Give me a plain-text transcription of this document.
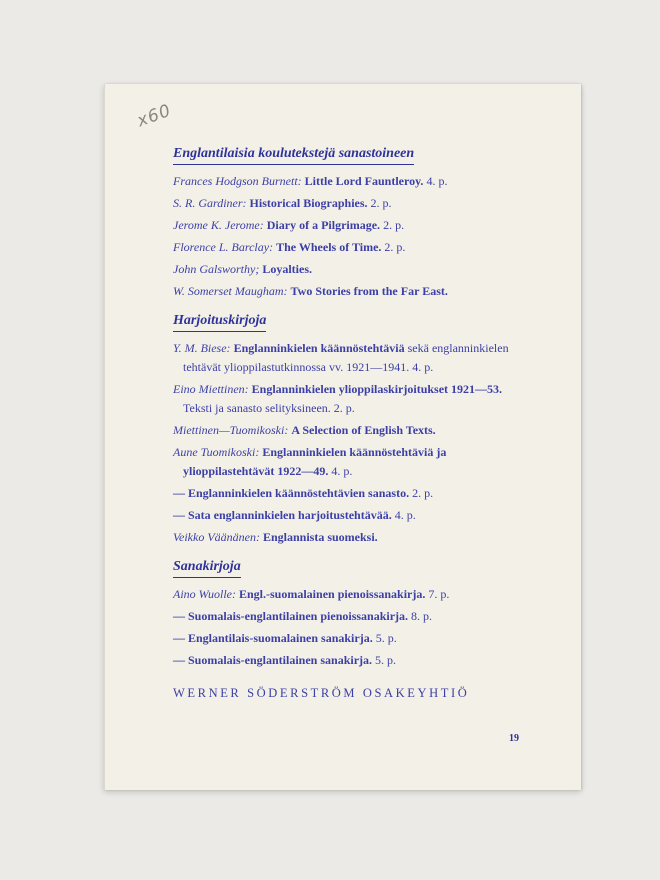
x60
Englantilaisia koulutekstejä sanastoineen
Frances Hodgson Burnett: Little Lord Fauntleroy. 4. p.
S. R. Gardiner: Historical Biographies. 2. p.
Jerome K. Jerome: Diary of a Pilgrimage. 2. p.
Florence L. Barclay: The Wheels of Time. 2. p.
John Galsworthy; Loyalties.
W. Somerset Maugham: Two Stories from the Far East.
Harjoituskirjoja
Y. M. Biese: Englanninkielen käännöstehtäviä sekä englanninkielen tehtävät ylioppilastutkinnossa vv. 1921—1941. 4. p.
Eino Miettinen: Englanninkielen ylioppilaskirjoitukset 1921—53. Teksti ja sanasto selityksineen. 2. p.
Miettinen—Tuomikoski: A Selection of English Texts.
Aune Tuomikoski: Englanninkielen käännöstehtäviä ja ylioppilastehtävät 1922—49. 4. p.
— Englanninkielen käännöstehtävien sanasto. 2. p.
— Sata englanninkielen harjoitustehtävää. 4. p.
Veikko Väänänen: Englannista suomeksi.
Sanakirjoja
Aino Wuolle: Engl.-suomalainen pienoissanakirja. 7. p.
— Suomalais-englantilainen pienoissanakirja. 8. p.
— Englantilais-suomalainen sanakirja. 5. p.
— Suomalais-englantilainen sanakirja. 5. p.
WERNER SÖDERSTRÖM OSAKEYHTIÖ
19
